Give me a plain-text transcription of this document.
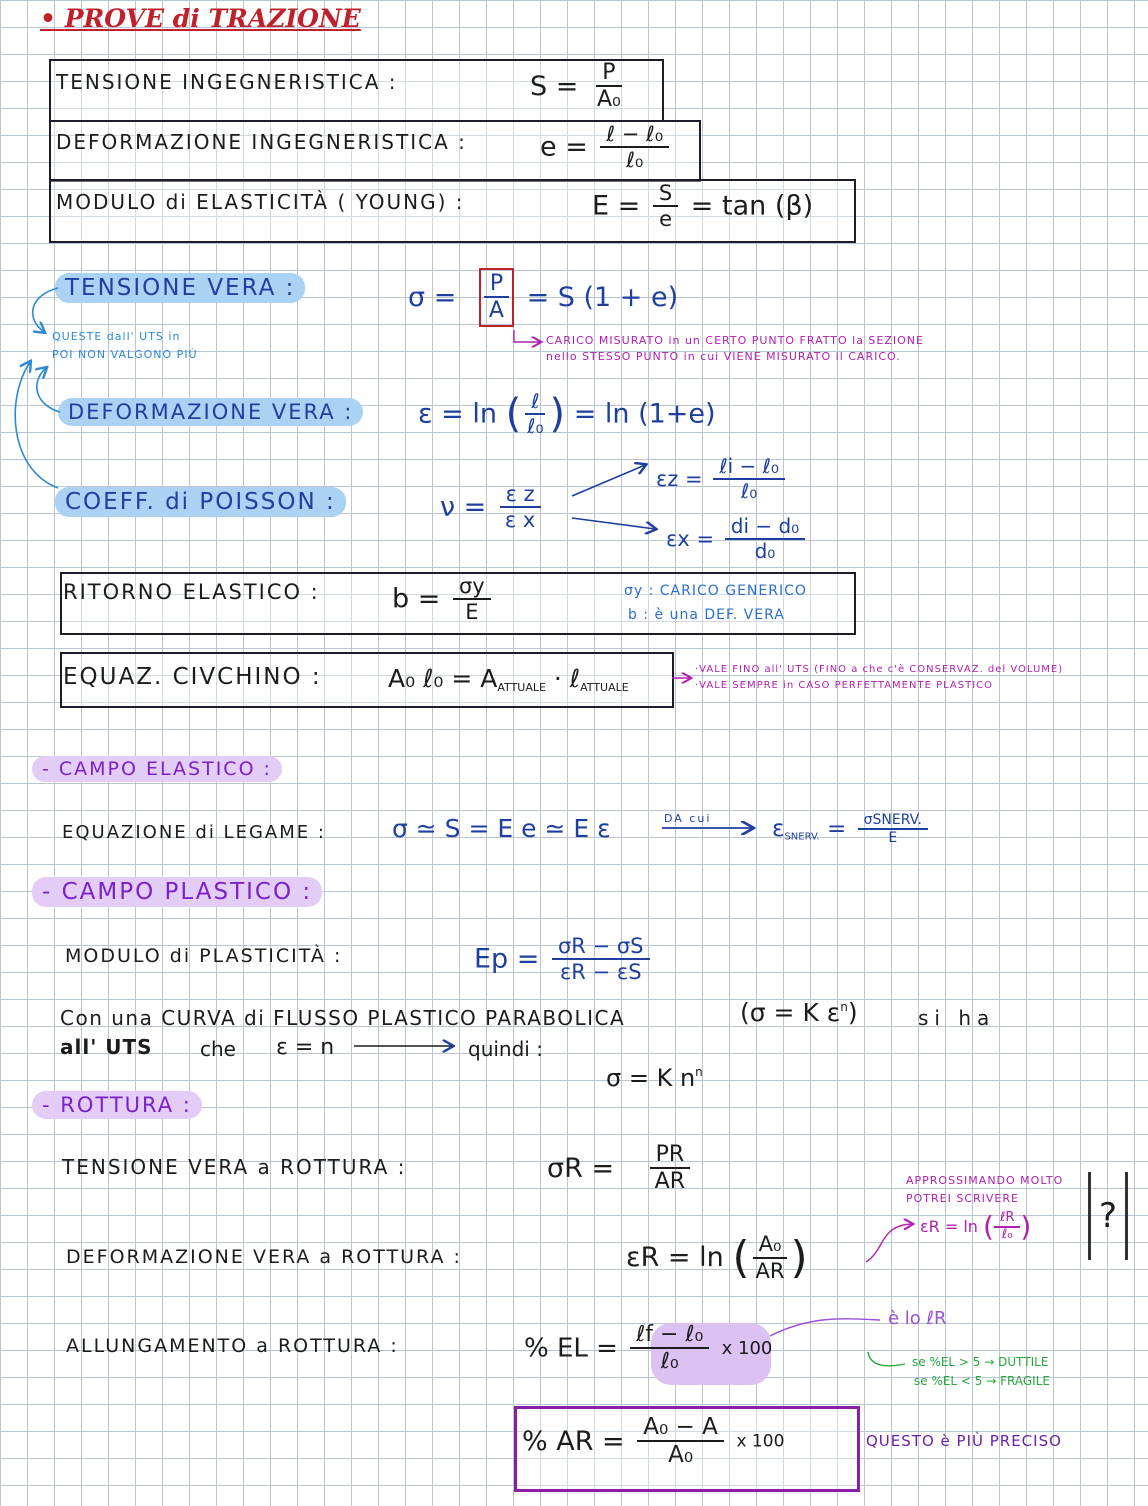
• PROVE di TRAZIONE
TENSIONE INGEGNERISTICA :	$S = \frac{P}{\text{A₀}}$
DEFORMAZIONE INGEGNERISTICA :	$e = \frac{\text{ℓ − ℓ₀}}{\text{ℓ₀}}$
MODULO di ELASTICITÀ ( YOUNG) :	$E = \frac{S}{e} = \tan (\beta)$
TENSIONE VERA :	$\sigma = \frac{P}{A} = S$ (1 + e)
CARICO MISURATO in un CERTO PUNTO FRATTO la SEZIONE
nello STESSO PUNTO in cui VIENE MISURATO il CARICO.
QUESTE dall' UTS in
POI NON VALGONO PIÙ
DEFORMAZIONE VERA :	ε = ln ( $\frac{\text{ℓ}}{\text{ℓ₀}}$ ) = ln (1+e)
COEFF. di POISSON :	$\nu = \frac{\text{ε z}}{\text{ε x}}$
$\varepsilon z = \frac{\text{ℓi − ℓ₀}}{\text{ℓ₀}}$
$\varepsilon x = \frac{\text{di − d₀}}{\text{d₀}}$
RITORNO ELASTICO :	$b = \frac{\sigma y}{E}$	σy : CARICO GENERICO
b : è una DEF. VERA
EQUAZ. CIVCHINO :	A₀ ℓ₀ = $A_{ATTUALE}$ · ℓ$_{ATTUALE}$
·VALE FINO all' UTS (FINO a che c'è CONSERVAZ. del VOLUME)
·VALE SEMPRE in CASO PERFETTAMENTE PLASTICO
- CAMPO ELASTICO :
EQUAZIONE di LEGAME :	σ ≃ S = E e ≃ E ε	DA cui	$\varepsilon_{SNERV.} = \frac{\text{σSNERV.}}{E}$
- CAMPO PLASTICO :
MODULO di PLASTICITÀ :	$Ep = \frac{\sigma R - \sigma S}{\varepsilon R - \varepsilon S}$
Con una CURVA di FLUSSO PLASTICO PARABOLICA	(σ = K $\varepsilon^n$)	si ha
all' UTS che ε = n	quindi :
σ = K $n^n$
- ROTTURA :
TENSIONE VERA a ROTTURA :	$\sigma R = \frac{PR}{AR}$
DEFORMAZIONE VERA a ROTTURA :	εR = ln ( $\frac{\text{A₀}}{AR}$ )
APPROSSIMANDO MOLTO
POTREI SCRIVERE
εR = ln ( $\frac{\text{ℓR}}{\text{ℓ₀}}$ )	?
ALLUNGAMENTO a ROTTURA :	% EL = $\frac{\text{ℓf − ℓ₀}}{\text{ℓ₀}}$ x 100
è lo ℓR
se %EL > 5 → DUTTILE
se %EL < 5 → FRAGILE
% AR = $\frac{\text{A₀ − A}}{\text{A₀}}$ x 100	QUESTO è PIÙ PRECISO
